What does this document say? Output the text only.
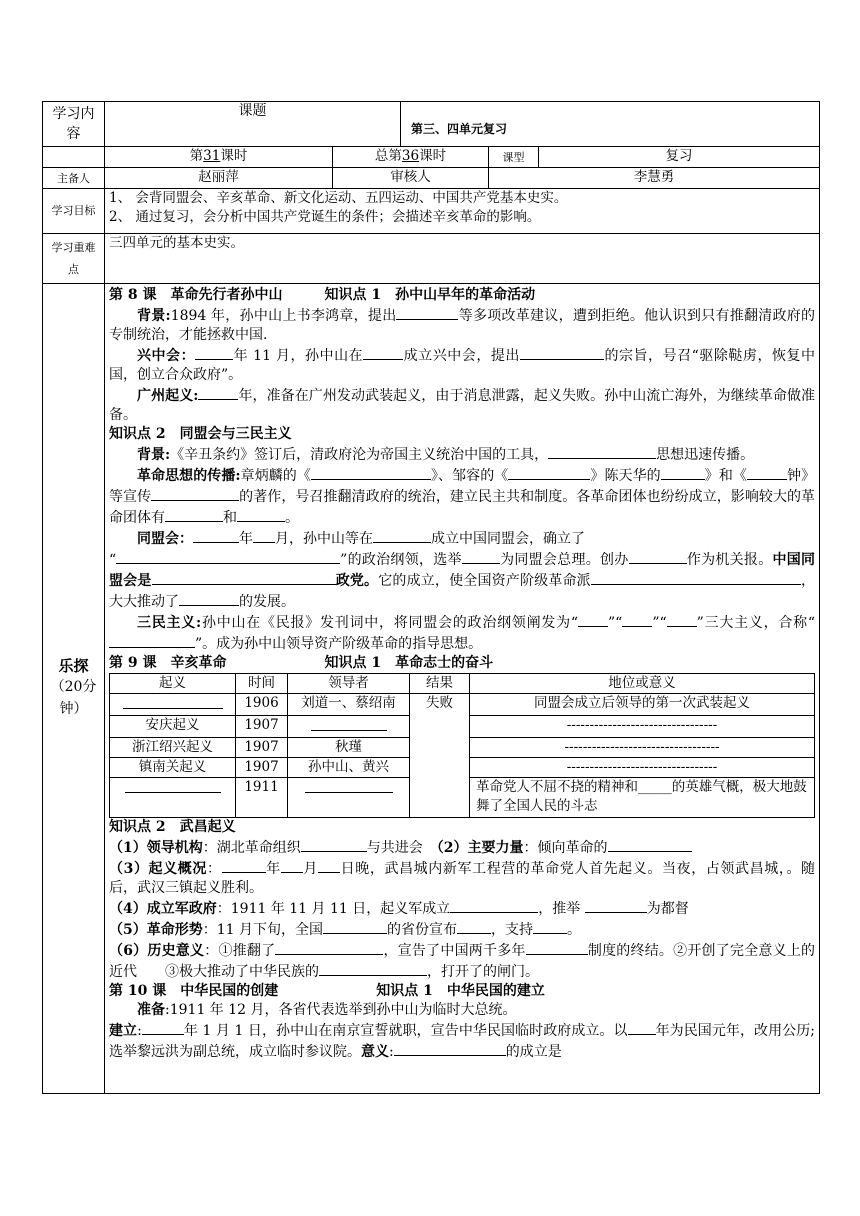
学习内容	课题	第三、四单元复习
	第31课时	总第36课时	课型	复习
主备人	赵丽萍	审核人	李慧勇
学习目标	
1、 会背同盟会、辛亥革命、新文化运动、五四运动、中国共产党基本史实。
2、 通过复习，会分析中国共产党诞生的条件；会描述辛亥革命的影响。

学习重难点	三四单元的基本史实。

乐探
（20分钟）

第 8 课　革命先行者孙中山　　　知识点 1　孙中山早年的革命活动

背景:1894 年，孙中山上书李鸿章，提出	等多项改革建议，遭到拒绝。他认识到只有推翻清政府的专制统治，才能拯救中国.

兴中会：	年 11 月，孙中山在	成立兴中会，提出	的宗旨，号召“驱除鞑虏，恢复中国，创立合众政府”。

广州起义:	年，准备在广州发动武装起义，由于消息泄露，起义失败。孙中山流亡海外，为继续革命做准备。

知识点 2　同盟会与三民主义

背景:《辛丑条约》签订后，清政府沦为帝国主义统治中国的工具，	思想迅速传播。

革命思想的传播:章炳麟的《	》、邹容的《	》陈天华的	》和《	钟》等宣传	的著作，号召推翻清政府的统治，建立民主共和制度。各革命团体也纷纷成立，影响较大的革命团体有	和	。

同盟会：	年 月，孙中山等在	成立中国同盟会，确立了
“	”的政治纲领，选举	为同盟会总理。创办	作为机关报。中国同盟会是	政党。它的成立，使全国资产阶级革命派	，大大推动了	的发展。

三民主义:孙中山在《民报》发刊词中，将同盟会的政治纲领阐发为“ ”“ ”“ ”三大主义，合称“”。成为孙中山领导资产阶级革命的指导思想。

第 9 课　辛亥革命　　　　　　　知识点 1　革命志士的奋斗

起义	时间	领导者	结果	地位或意义
	1906	刘道一、蔡绍南	失败	同盟会成立后领导的第一次武装起义
安庆起义	1907		---------------------------------
浙江绍兴起义	1907	秋瑾	----------------------------------
镇南关起义	1907	孙中山、黄兴	---------------------------------
	1911		革命党人不屈不挠的精神和_____的英雄气概，极大地鼓舞了全国人民的斗志

知识点 2　武昌起义

（1）领导机构：湖北革命组织	与共进会　 （2）主要力量：倾向革命的

（3）起义概况：	年 月 日晚，武昌城内新军工程营的革命党人首先起义。当夜，占领武昌城，。随后，武汉三镇起义胜利。

（4）成立军政府：1911 年 11 月 11 日，起义军成立	，推举	为都督

（5）革命形势：11 月下旬，全国	的省份宣布 ，支持 。

（6）历史意义：①推翻了	，宣告了中国两千多年	制度的终结。②开创了完全意义上的近代　　③极大推动了中华民族的	，打开了的闸门。

第 10 课　中华民国的创建　　　　　　　知识点 1　中华民国的建立

准备:1911 年 12 月，各省代表选举到孙中山为临时大总统。

建立:	年 1 月 1 日，孙中山在南京宣誓就职，宣告中华民国临时政府成立。以 年为民国元年，改用公历;选举黎远洪为副总统，成立临时参议院。意义:	的成立是
